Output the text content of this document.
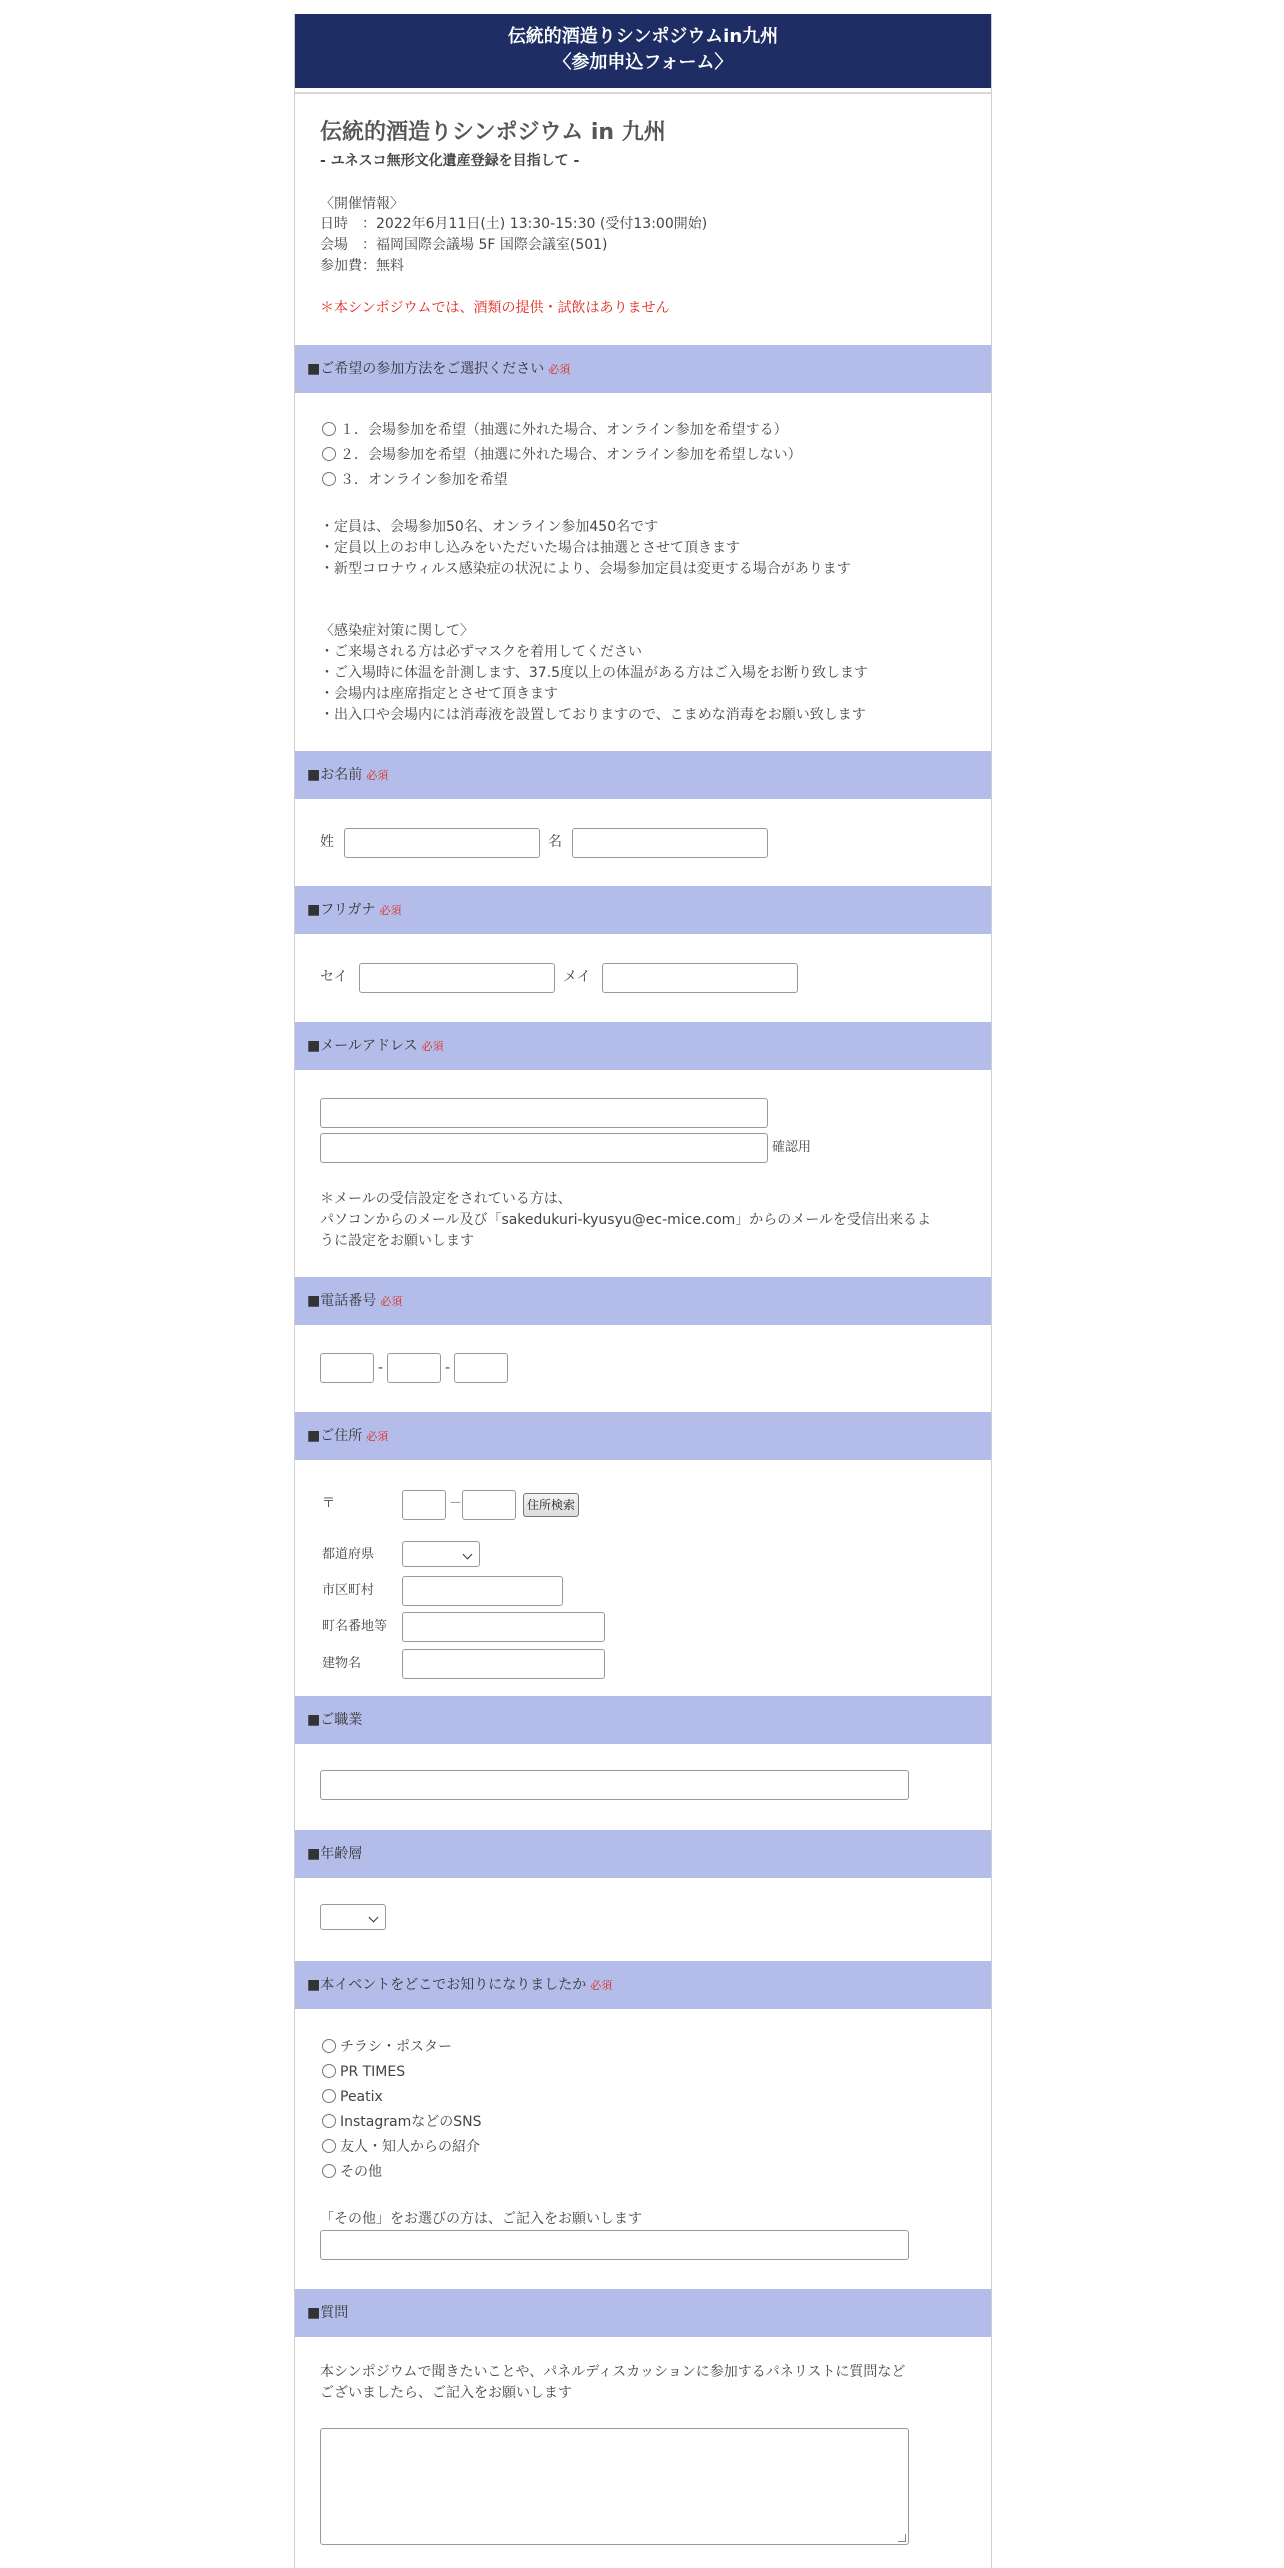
伝統的酒造りシンポジウムin九州
〈参加申込フォーム〉
伝統的酒造りシンポジウム in 九州
- ユネスコ無形文化遺産登録を目指して -
〈開催情報〉
日時　：2022年6月11日(土) 13:30-15:30 (受付13:00開始)
会場　：福岡国際会議場 5F 国際会議室(501)
参加費：無料
＊本シンポジウムでは、酒類の提供・試飲はありません
■ご希望の参加方法をご選択ください 必須
１．会場参加を希望（抽選に外れた場合、オンライン参加を希望する）
２．会場参加を希望（抽選に外れた場合、オンライン参加を希望しない）
３．オンライン参加を希望
・定員は、会場参加50名、オンライン参加450名です
・定員以上のお申し込みをいただいた場合は抽選とさせて頂きます
・新型コロナウィルス感染症の状況により、会場参加定員は変更する場合があります
〈感染症対策に関して〉
・ご来場される方は必ずマスクを着用してください
・ご入場時に体温を計測します、37.5度以上の体温がある方はご入場をお断り致します
・会場内は座席指定とさせて頂きます
・出入口や会場内には消毒液を設置しておりますので、こまめな消毒をお願い致します
■お名前 必須
姓	名
■フリガナ 必須
セイ	メイ
■メールアドレス 必須
確認用
＊メールの受信設定をされている方は、
パソコンからのメール及び「sakedukuri-kyusyu@ec-mice.com」からのメールを受信出来るよ
うに設定をお願いします
■電話番号 必須
-	-
■ご住所 必須
〒	－	住所検索
都道府県
市区町村
町名番地等
建物名
■ご職業
■年齢層
■本イベントをどこでお知りになりましたか 必須
チラシ・ポスター
PR TIMES
Peatix
InstagramなどのSNS
友人・知人からの紹介
その他
「その他」をお選びの方は、ご記入をお願いします
■質問
本シンポジウムで聞きたいことや、パネルディスカッションに参加するパネリストに質問など
ございましたら、ご記入をお願いします
